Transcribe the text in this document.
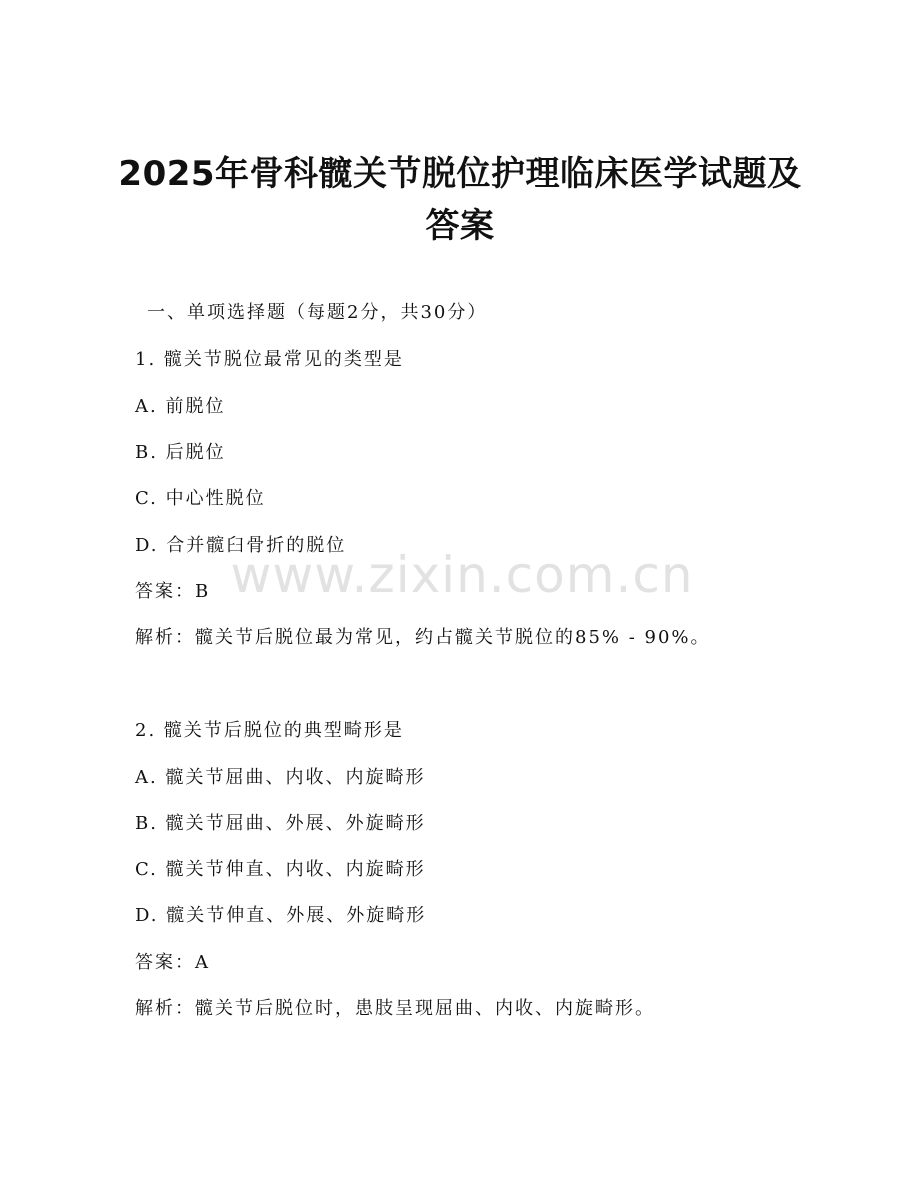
2025年骨科髋关节脱位护理临床医学试题及
答案
一、单项选择题（每题2分，共30分）
1. 髋关节脱位最常见的类型是
A. 前脱位
B. 后脱位
C. 中心性脱位
D. 合并髋臼骨折的脱位
答案：B
解析：髋关节后脱位最为常见，约占髋关节脱位的85% - 90%。
2. 髋关节后脱位的典型畸形是
A. 髋关节屈曲、内收、内旋畸形
B. 髋关节屈曲、外展、外旋畸形
C. 髋关节伸直、内收、内旋畸形
D. 髋关节伸直、外展、外旋畸形
答案：A
解析：髋关节后脱位时，患肢呈现屈曲、内收、内旋畸形。
www.zixin.com.cn
